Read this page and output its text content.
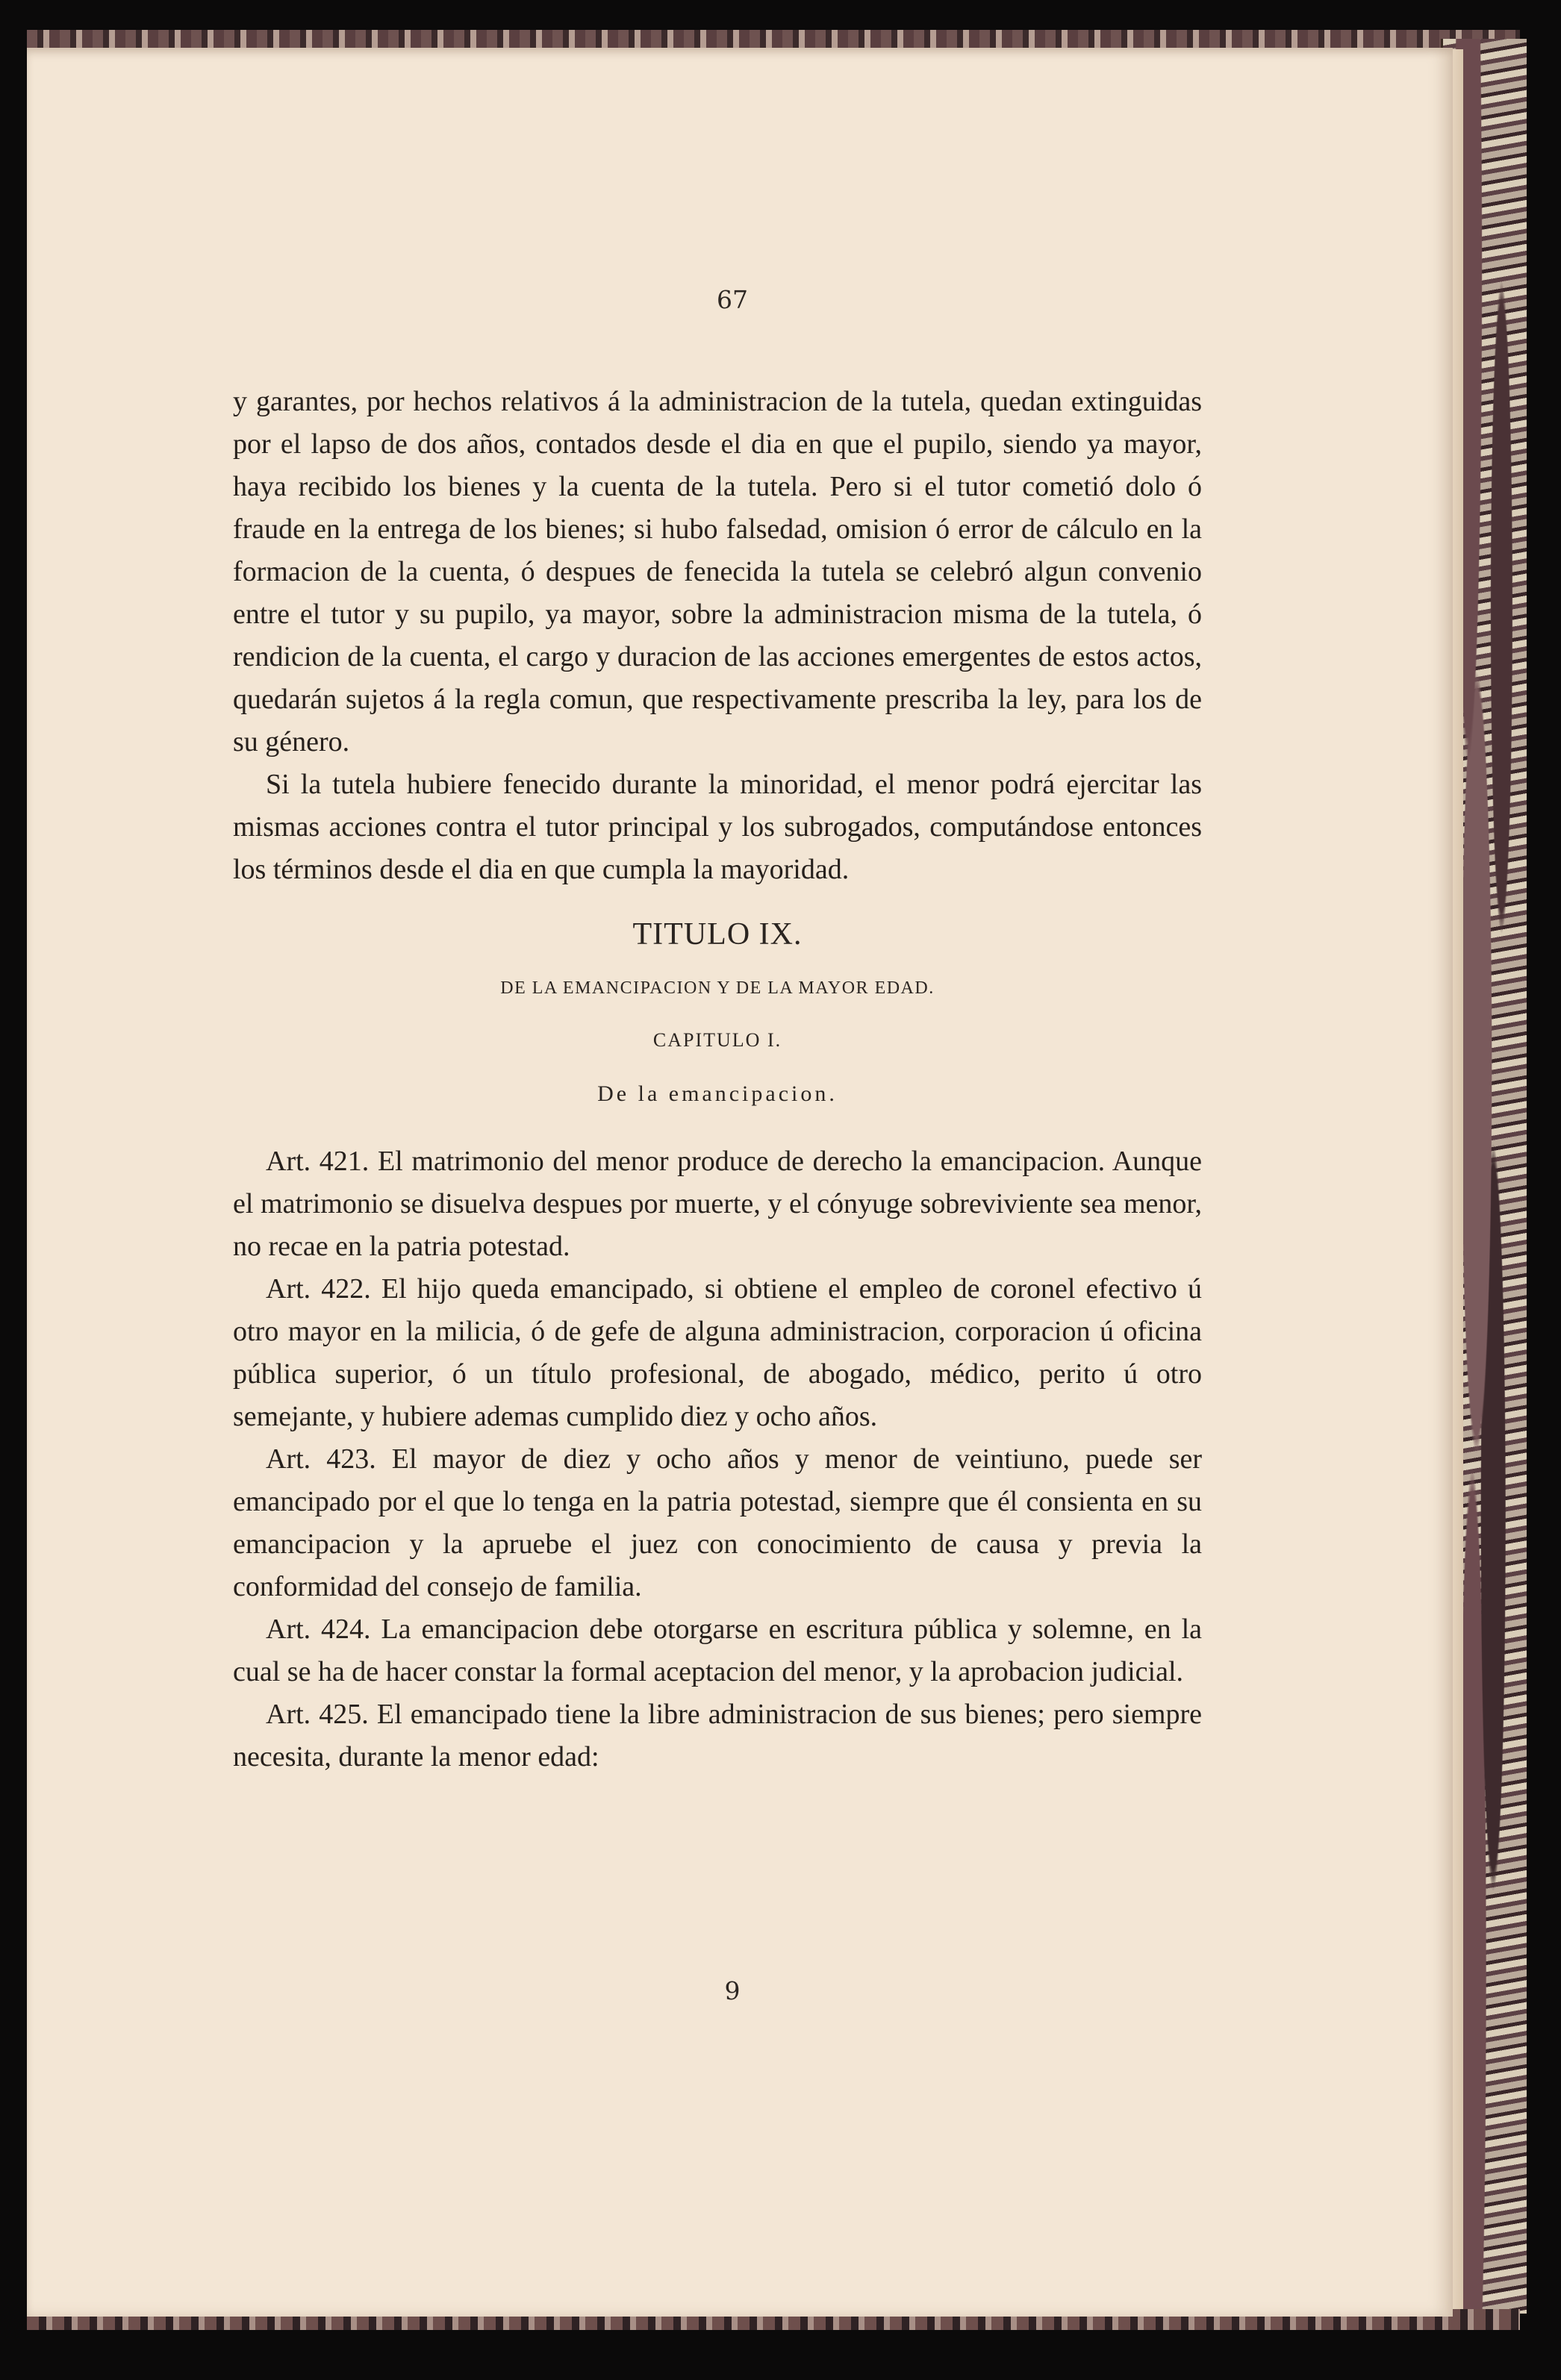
67

y garantes, por hechos relativos á la administracion de la tutela, quedan extinguidas por el lapso de dos años, contados desde el dia en que el pupilo, siendo ya mayor, haya recibido los bienes y la cuenta de la tutela. Pero si el tutor cometió dolo ó fraude en la entrega de los bienes; si hubo falsedad, omision ó error de cálculo en la formacion de la cuenta, ó despues de fenecida la tutela se celebró algun convenio entre el tutor y su pupilo, ya mayor, sobre la administracion misma de la tutela, ó rendicion de la cuenta, el cargo y duracion de las acciones emergentes de estos actos, quedarán sujetos á la regla comun, que respectivamente prescriba la ley, para los de su género.

Si la tutela hubiere fenecido durante la minoridad, el menor podrá ejercitar las mismas acciones contra el tutor principal y los subrogados, computándose entonces los términos desde el dia en que cumpla la mayoridad.

TITULO IX.
DE LA EMANCIPACION Y DE LA MAYOR EDAD.
CAPITULO I.
De la emancipacion.

Art. 421. El matrimonio del menor produce de derecho la emancipacion. Aunque el matrimonio se disuelva despues por muerte, y el cónyuge sobreviviente sea menor, no recae en la patria potestad.

Art. 422. El hijo queda emancipado, si obtiene el empleo de coronel efectivo ú otro mayor en la milicia, ó de gefe de alguna administracion, corporacion ú oficina pública superior, ó un título profesional, de abogado, médico, perito ú otro semejante, y hubiere ademas cumplido diez y ocho años.

Art. 423. El mayor de diez y ocho años y menor de veintiuno, puede ser emancipado por el que lo tenga en la patria potestad, siempre que él consienta en su emancipacion y la apruebe el juez con conocimiento de causa y previa la conformidad del consejo de familia.

Art. 424. La emancipacion debe otorgarse en escritura pública y solemne, en la cual se ha de hacer constar la formal aceptacion del menor, y la aprobacion judicial.

Art. 425. El emancipado tiene la libre administracion de sus bienes; pero siempre necesita, durante la menor edad:

9
